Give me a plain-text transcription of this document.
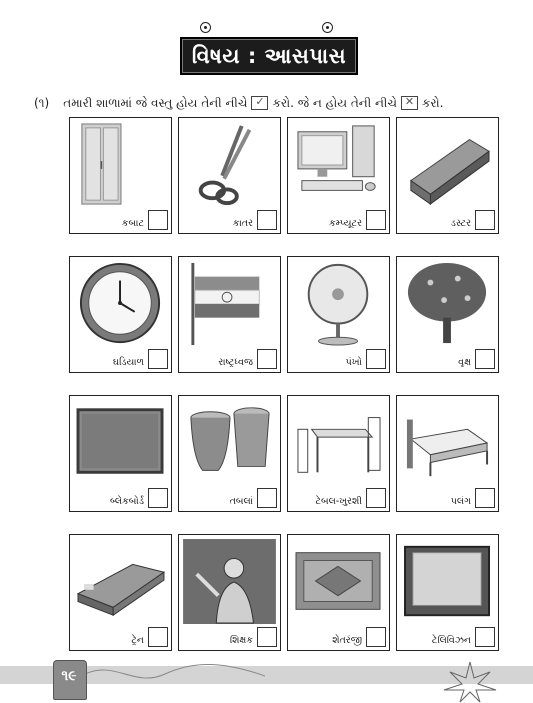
વિષય : આસપાસ
(૧) તમારી શાળામાં જે વસ્તુ હોય તેની નીચે ✓ કરો. જે ન હોય તેની નીચે ✕ કરો.
કબાટ	કાતર	કમ્પ્યૂટર	ડસ્ટર
ઘડિયાળ	રાષ્ટ્રધ્વજ	પંખો	વૃક્ષ
બ્લેકબોર્ડ	તબલાં	ટેબલ-ખુરશી	પલંગ
ટ્રેન	શિક્ષક	શેતરંજી	ટેલિવિઝન
૧૯
